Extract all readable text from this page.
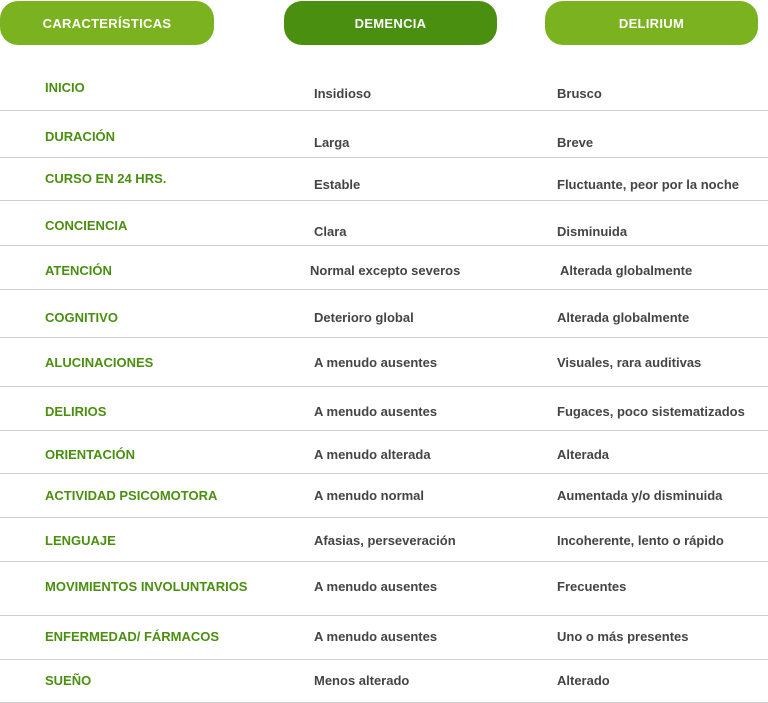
CARACTERÍSTICAS	DEMENCIA	DELIRIUM
INICIO	Insidioso	Brusco
DURACIÓN	Larga	Breve
CURSO EN 24 HRS.	Estable	Fluctuante, peor por la noche
CONCIENCIA	Clara	Disminuida
ATENCIÓN	Normal excepto severos	Alterada globalmente
COGNITIVO	Deterioro global	Alterada globalmente
ALUCINACIONES	A menudo ausentes	Visuales, rara auditivas
DELIRIOS	A menudo ausentes	Fugaces, poco sistematizados
ORIENTACIÓN	A menudo alterada	Alterada
ACTIVIDAD PSICOMOTORA	A menudo normal	Aumentada y/o disminuida
LENGUAJE	Afasias, perseveración	Incoherente, lento o rápido
MOVIMIENTOS INVOLUNTARIOS	A menudo ausentes	Frecuentes
ENFERMEDAD/ FÁRMACOS	A menudo ausentes	Uno o más presentes
SUEÑO	Menos alterado	Alterado
